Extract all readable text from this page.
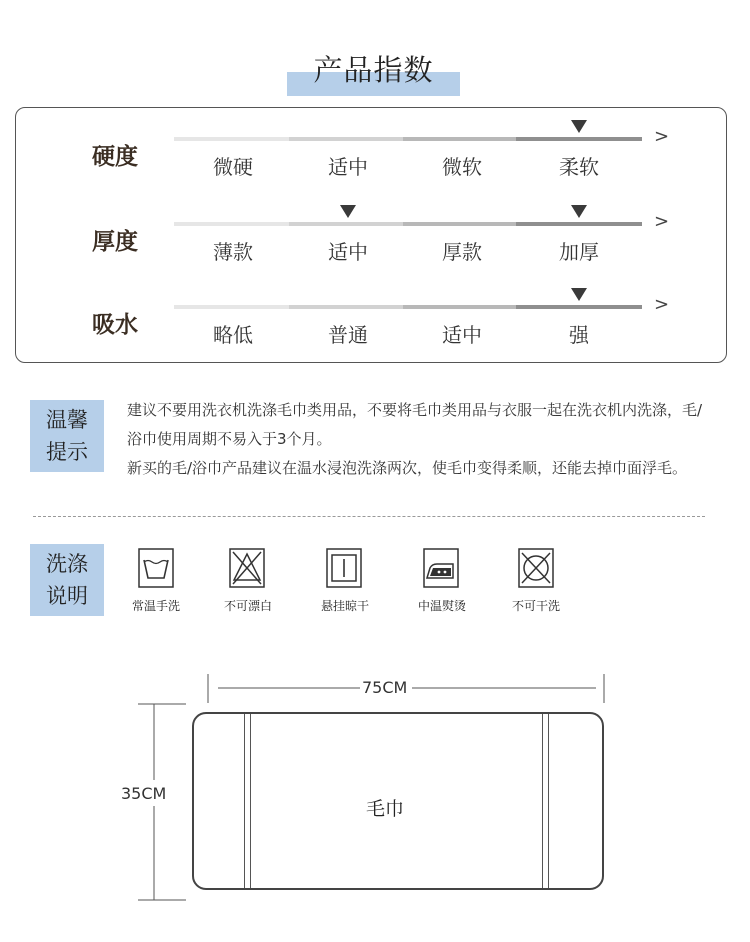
产品指数
硬度	微硬	适中	微软	柔软
>
厚度	薄款	适中	厚款	加厚
>
吸水	略低	普通	适中	强
>
温馨
提示
建议不要用洗衣机洗涤毛巾类用品，不要将毛巾类用品与衣服一起在洗衣机内洗涤，毛/浴巾使用周期不易入于3个月。
新买的毛/浴巾产品建议在温水浸泡洗涤两次，使毛巾变得柔顺，还能去掉巾面浮毛。
洗涤
说明	常温手洗	不可漂白	悬挂晾干	中温熨烫	不可干洗
75CM
35CM
毛巾
